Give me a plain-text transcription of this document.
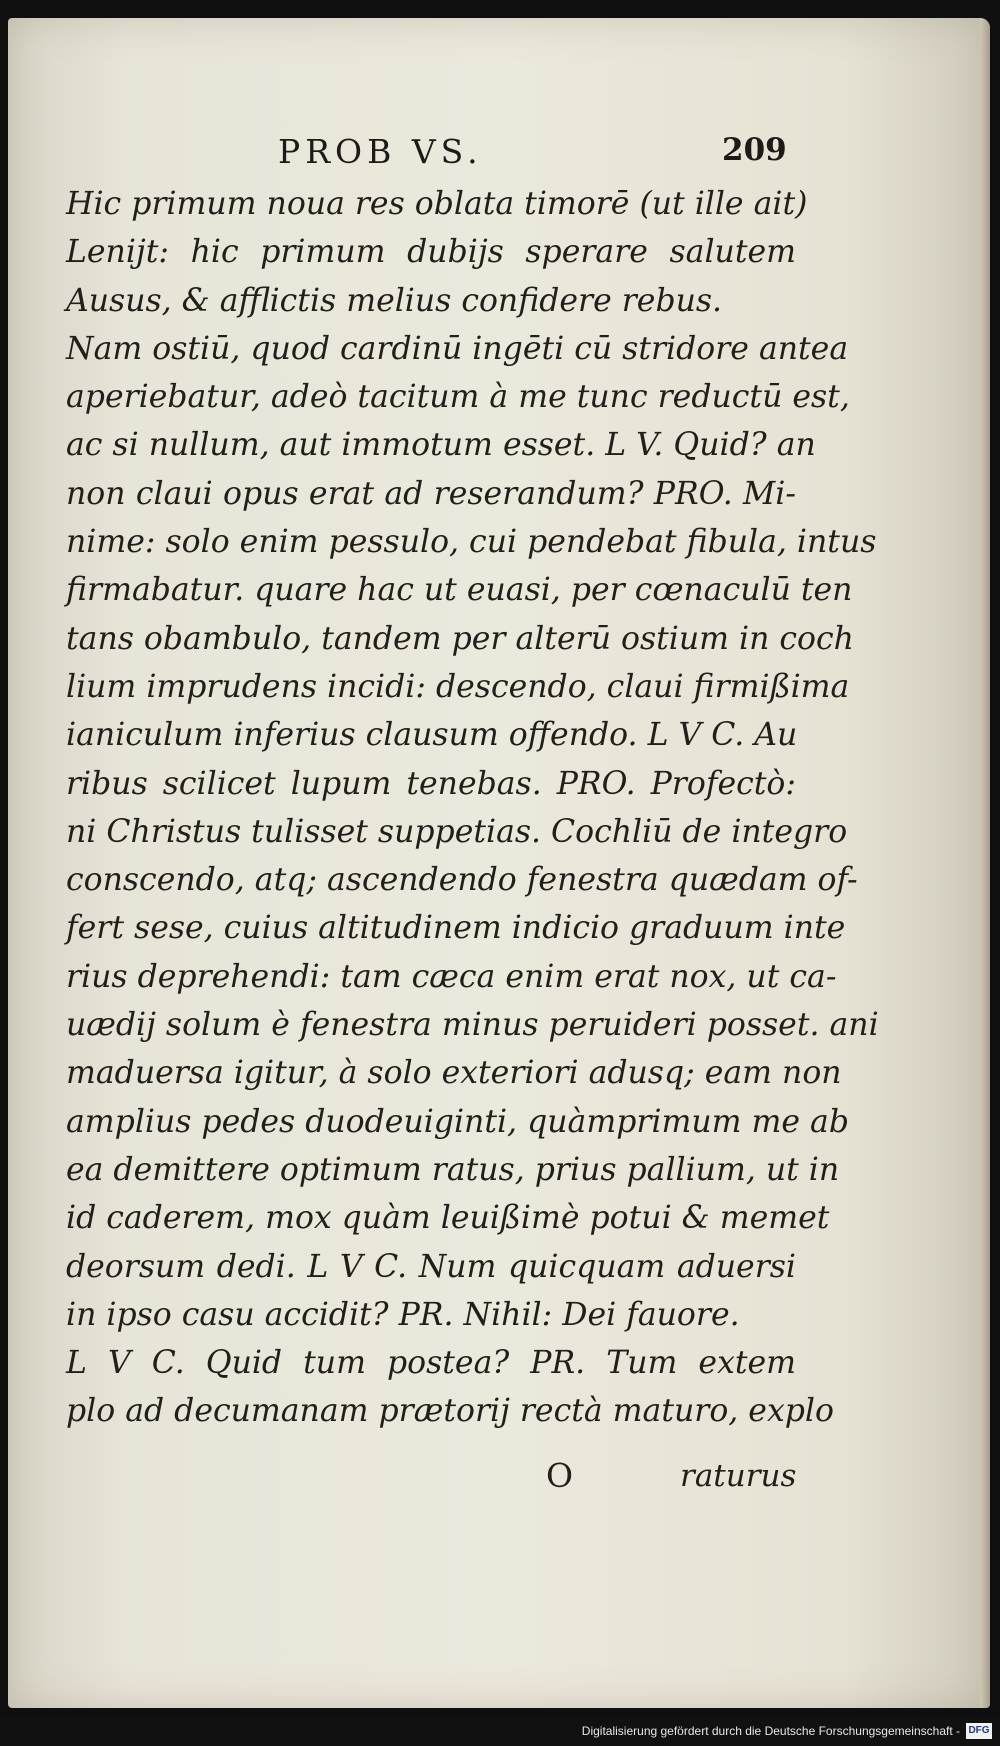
PROB VS.	209
Hic primum noua res oblata timorē (ut ille ait)
Lenijt: hic primum dubijs sperare salutem
Ausus, & afflictis melius confidere rebus.
Nam ostiū, quod cardinū ingēti cū stridore antea
aperiebatur, adeò tacitum à me tunc reductū est,
ac si nullum, aut immotum esset. L V. Quid? an
non claui opus erat ad reserandum? PRO. Mi-
nime: solo enim pessulo, cui pendebat fibula, intus
firmabatur. quare hac ut euasi, per cœnaculū ten
tans obambulo, tandem per alterū ostium in coch
lium imprudens incidi: descendo, claui firmißima
ianiculum inferius clausum offendo. L V C. Au
ribus scilicet lupum tenebas. PRO. Profectò:
ni Christus tulisset suppetias. Cochliū de integro
conscendo, atq; ascendendo fenestra quædam of-
fert sese, cuius altitudinem indicio graduum inte
rius deprehendi: tam cæca enim erat nox, ut ca-
uædij solum è fenestra minus peruideri posset. ani
maduersa igitur, à solo exteriori adusq; eam non
amplius pedes duodeuiginti, quàmprimum me ab
ea demittere optimum ratus, prius pallium, ut in
id caderem, mox quàm leuißimè potui & memet
deorsum dedi. L V C. Num quicquam aduersi
in ipso casu accidit? PR. Nihil: Dei fauore.
L V C. Quid tum postea? PR. Tum extem
plo ad decumanam prætorij rectà maturo, explo
O	raturus
Digitalisierung gefördert durch die Deutsche Forschungsgemeinschaft - DFG
